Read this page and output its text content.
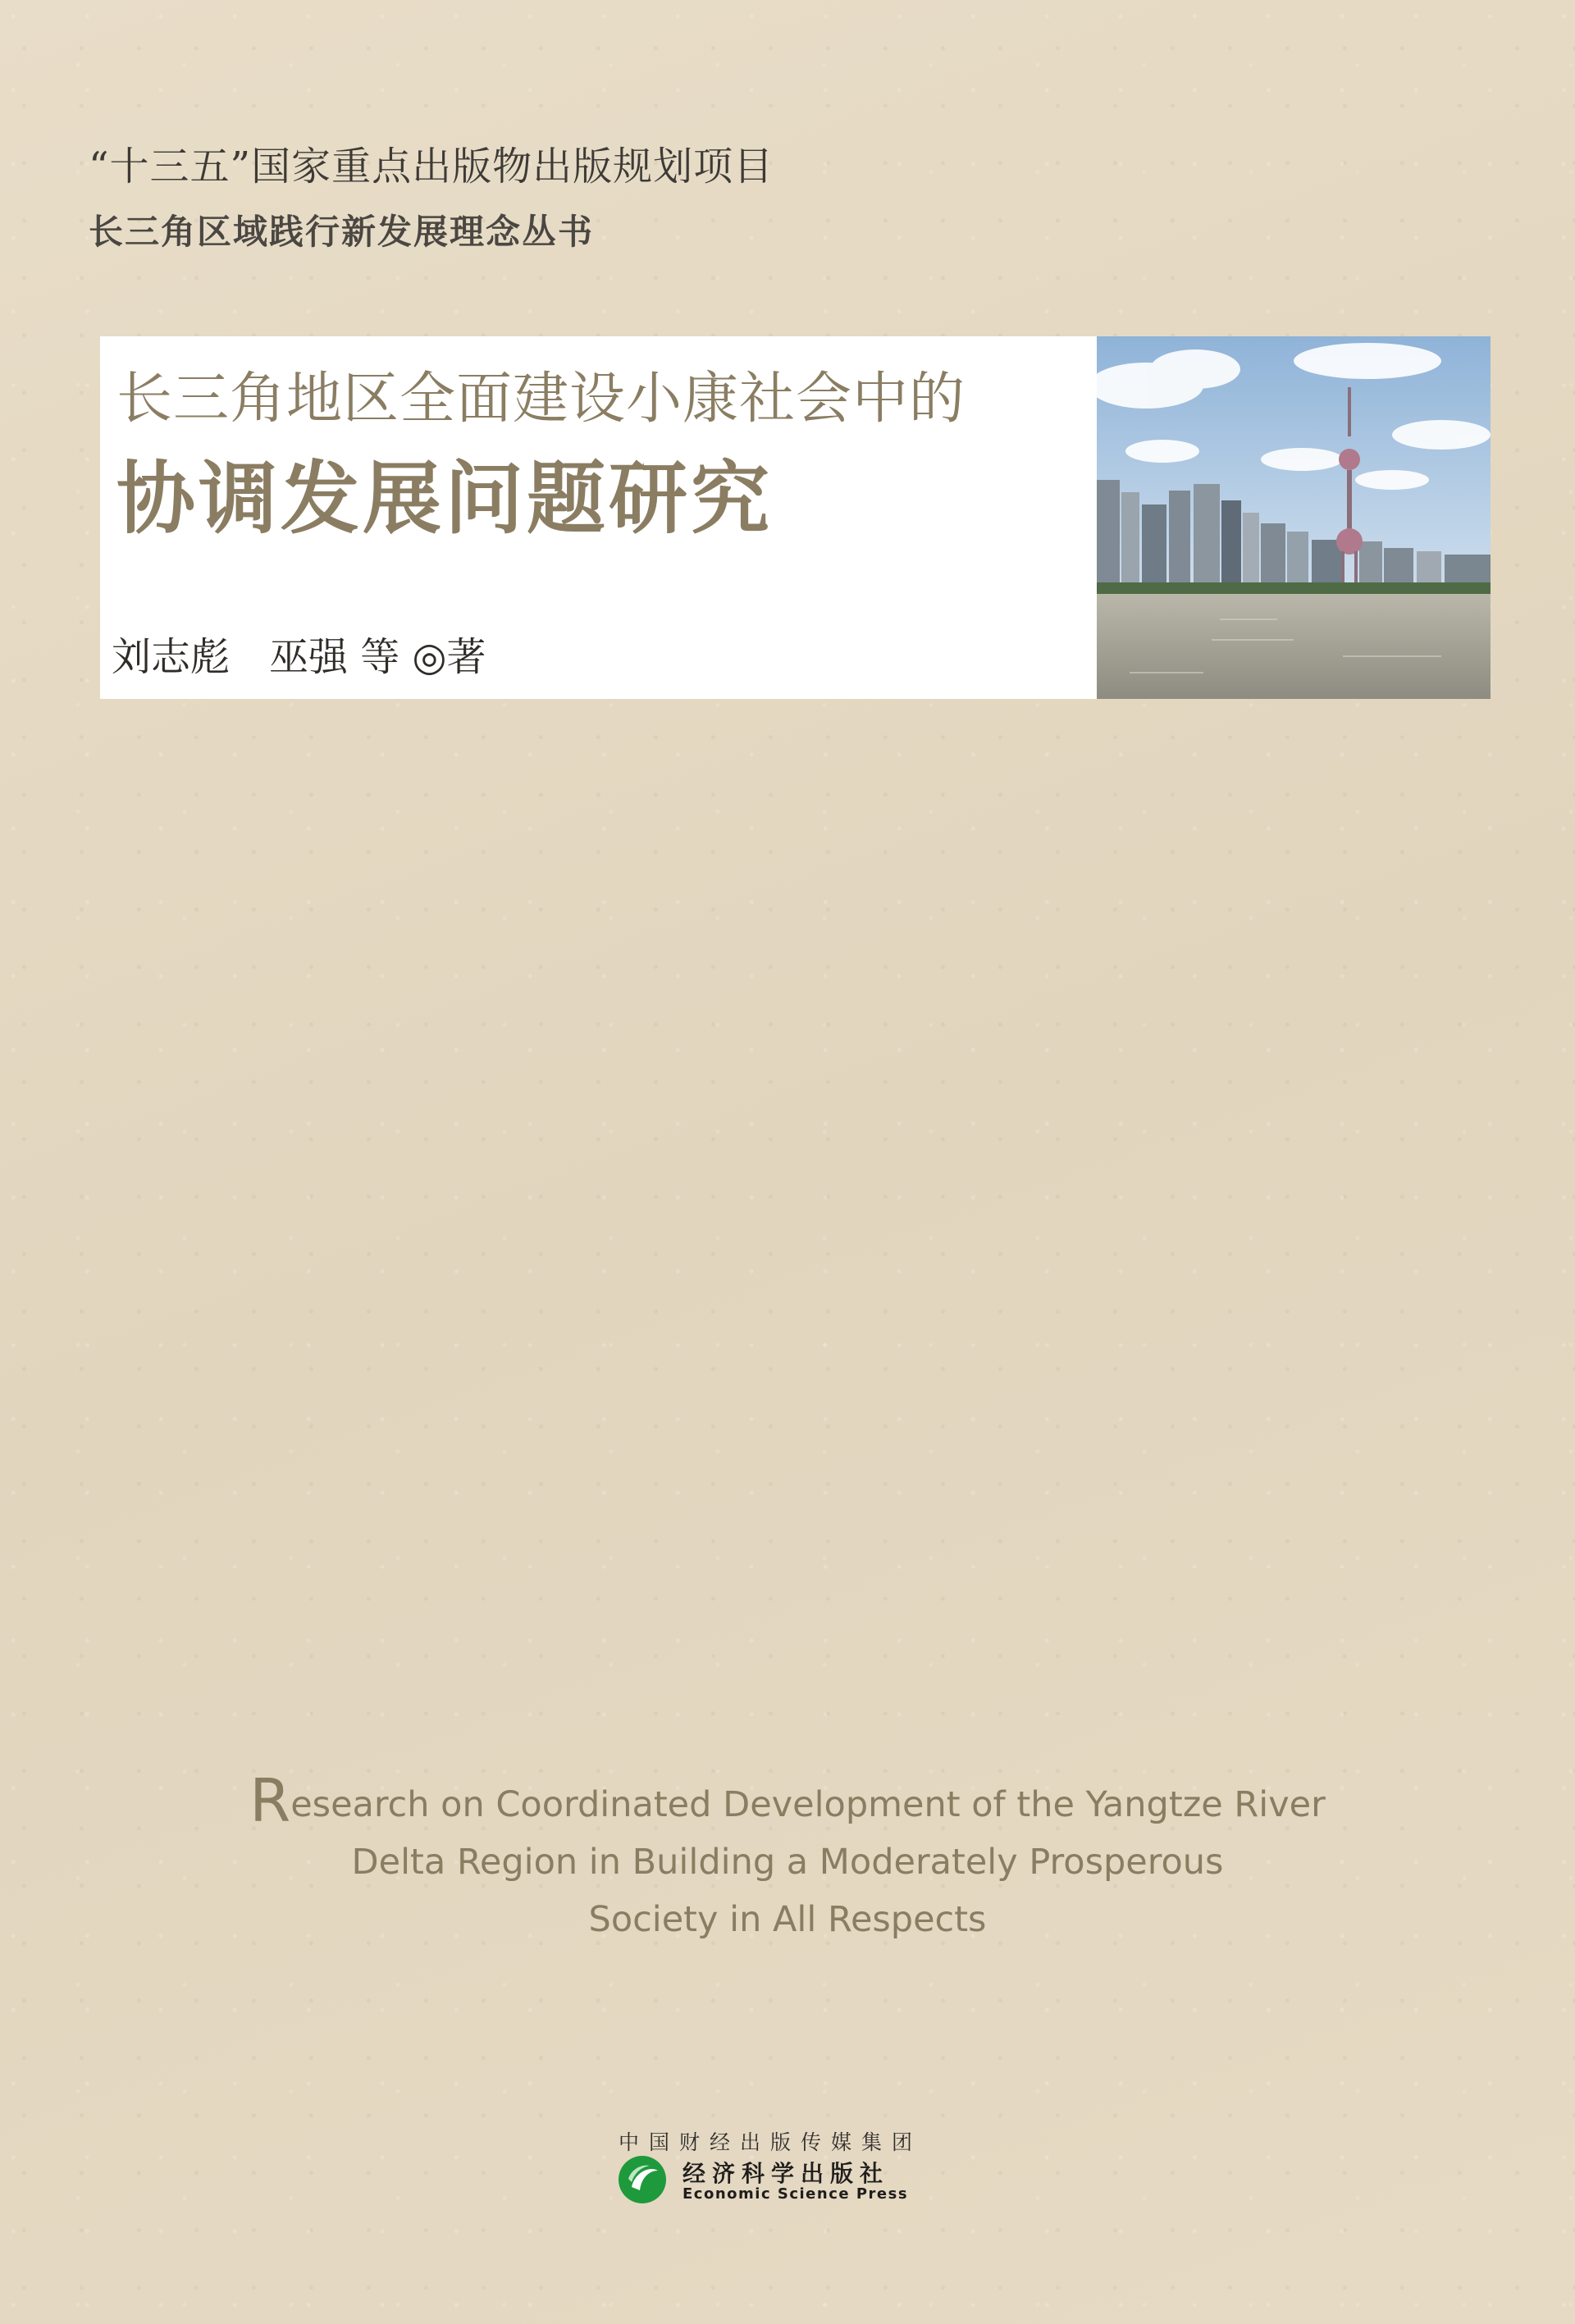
“十三五”国家重点出版物出版规划项目
长三角区域践行新发展理念丛书
长三角地区全面建设小康社会中的
协调发展问题研究
刘志彪　巫强 等 ◎著
Research on Coordinated Development of the Yangtze River
Delta Region in Building a Moderately Prosperous
Society in All Respects
中国财经出版传媒集团
经济科学出版社
Economic Science Press
